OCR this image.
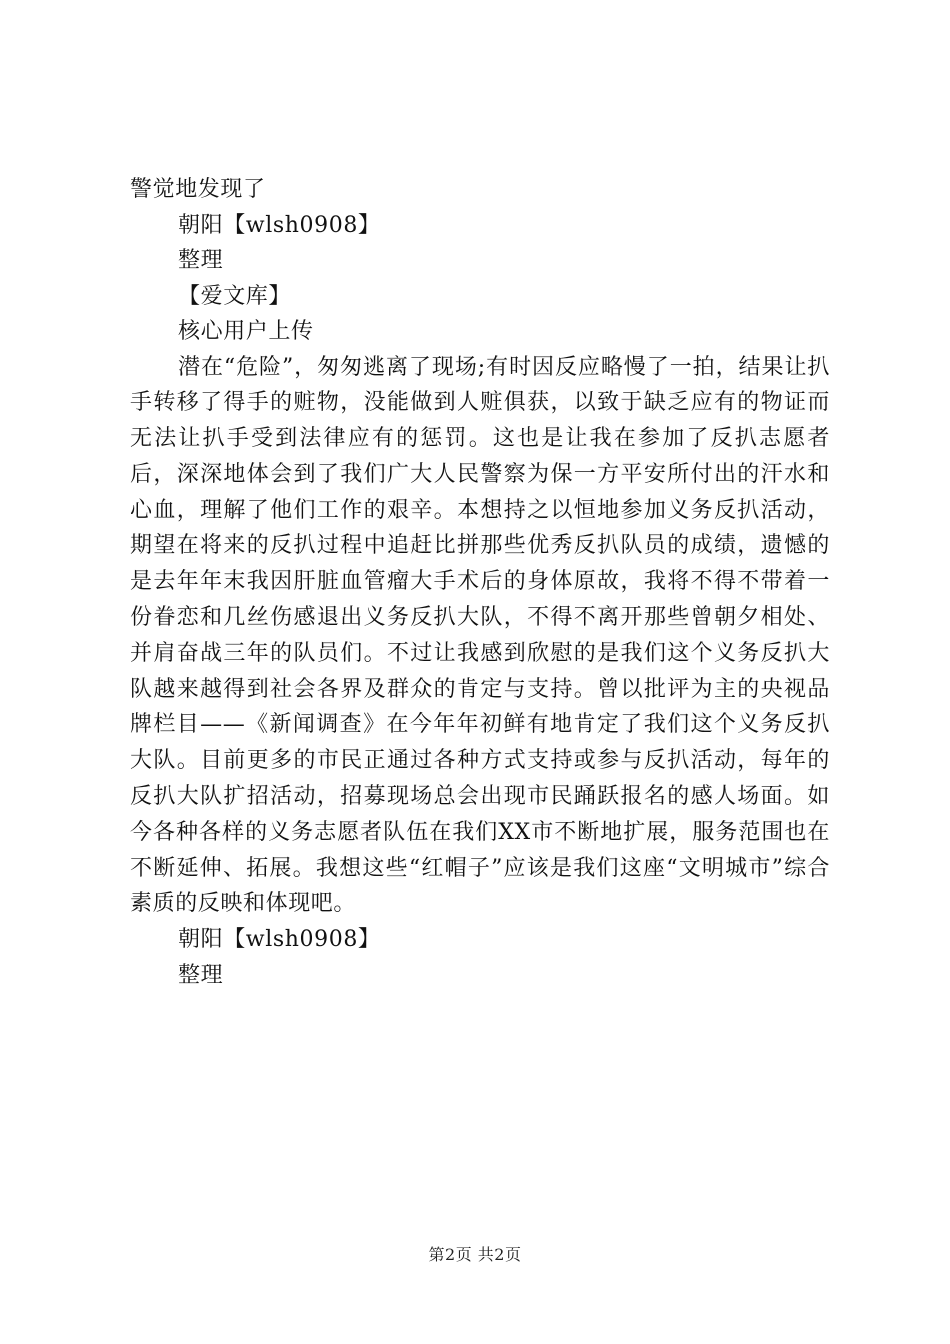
警觉地发现了
朝阳【wlsh0908】
整理
【爱文库】
核心用户上传
潜在“危险”，匆匆逃离了现场;有时因反应略慢了一拍，结果让扒手转移了得手的赃物，没能做到人赃俱获，以致于缺乏应有的物证而无法让扒手受到法律应有的惩罚。这也是让我在参加了反扒志愿者后，深深地体会到了我们广大人民警察为保一方平安所付出的汗水和心血，理解了他们工作的艰辛。本想持之以恒地参加义务反扒活动，期望在将来的反扒过程中追赶比拼那些优秀反扒队员的成绩，遗憾的是去年年末我因肝脏血管瘤大手术后的身体原故，我将不得不带着一份眷恋和几丝伤感退出义务反扒大队，不得不离开那些曾朝夕相处、并肩奋战三年的队员们。不过让我感到欣慰的是我们这个义务反扒大队越来越得到社会各界及群众的肯定与支持。曾以批评为主的央视品牌栏目——《新闻调查》在今年年初鲜有地肯定了我们这个义务反扒大队。目前更多的市民正通过各种方式支持或参与反扒活动，每年的反扒大队扩招活动，招募现场总会出现市民踊跃报名的感人场面。如今各种各样的义务志愿者队伍在我们XX市不断地扩展，服务范围也在不断延伸、拓展。我想这些“红帽子”应该是我们这座“文明城市”综合素质的反映和体现吧。
朝阳【wlsh0908】
整理
第2页 共2页
